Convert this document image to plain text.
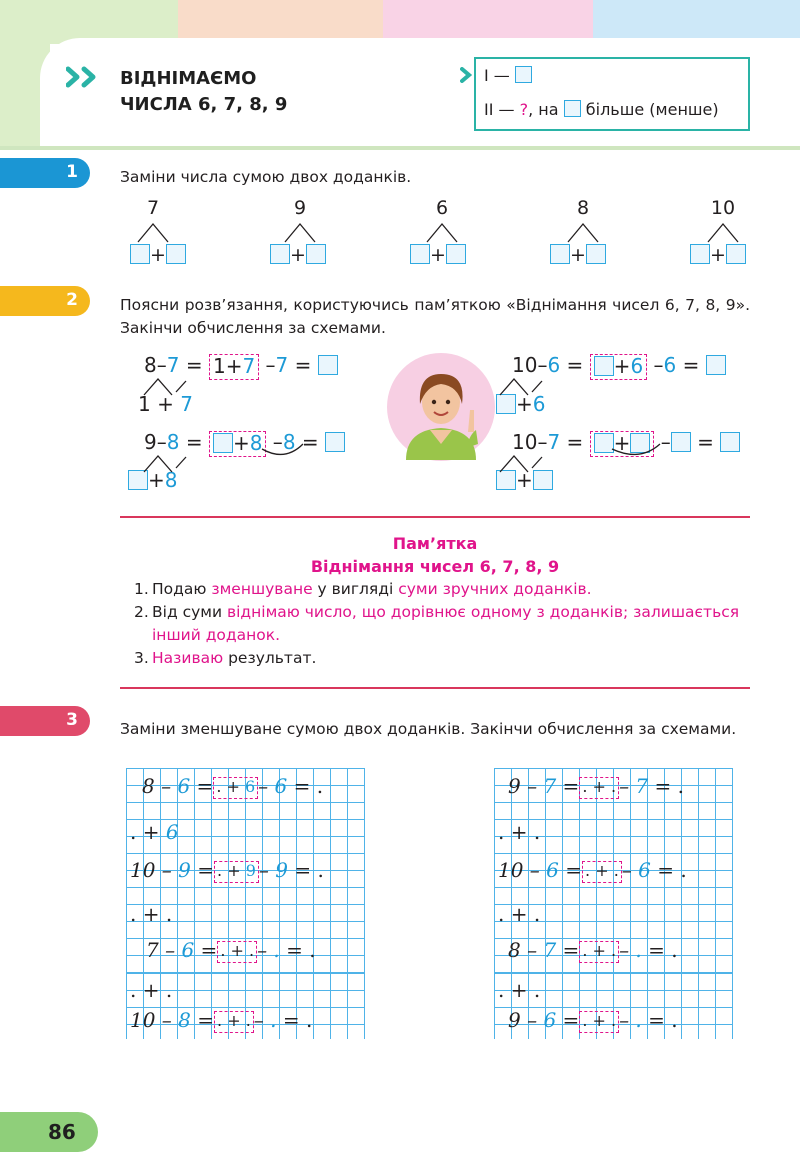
ВІДНІМАЄМО
ЧИСЛА 6, 7, 8, 9
I —
II — ?, на більше (менше)
1	Заміни числа сумою двох доданків.
7	9	6	8	10
+	+	+	+	+
2	Поясни розв’язання, користуючись пам’яткою «Віднімання чисел 6, 7, 8, 9». Закінчи обчислення за схемами.
8–7 = 1+7 –7 =
1 + 7
9–8 = +8 –8 =
+8
10–6 = +6 –6 =
+6
10–7 = + – =
+
Пам’ятка
Віднімання чисел 6, 7, 8, 9
1. Подаю зменшуване у вигляді суми зручних доданків.
2. Від суми віднімаю число, що дорівнює одному з доданків; залишається інший доданок.
3. Називаю результат.
3	Заміни зменшуване сумою двох доданків. Закінчи обчислення за схемами.
8 – 6 = . + 6 – 6 = .
. + 6
10 – 9 = . + 9 – 9 = .
. + .
7 – 6 = . + . – . = .
. + .
10 – 8 = . + . – . = .
9 – 7 = . + . – 7 = .
. + .
10 – 6 = . + . – 6 = .
. + .
8 – 7 = . + . – . = .
. + .
9 – 6 = . + . – . = .
86
